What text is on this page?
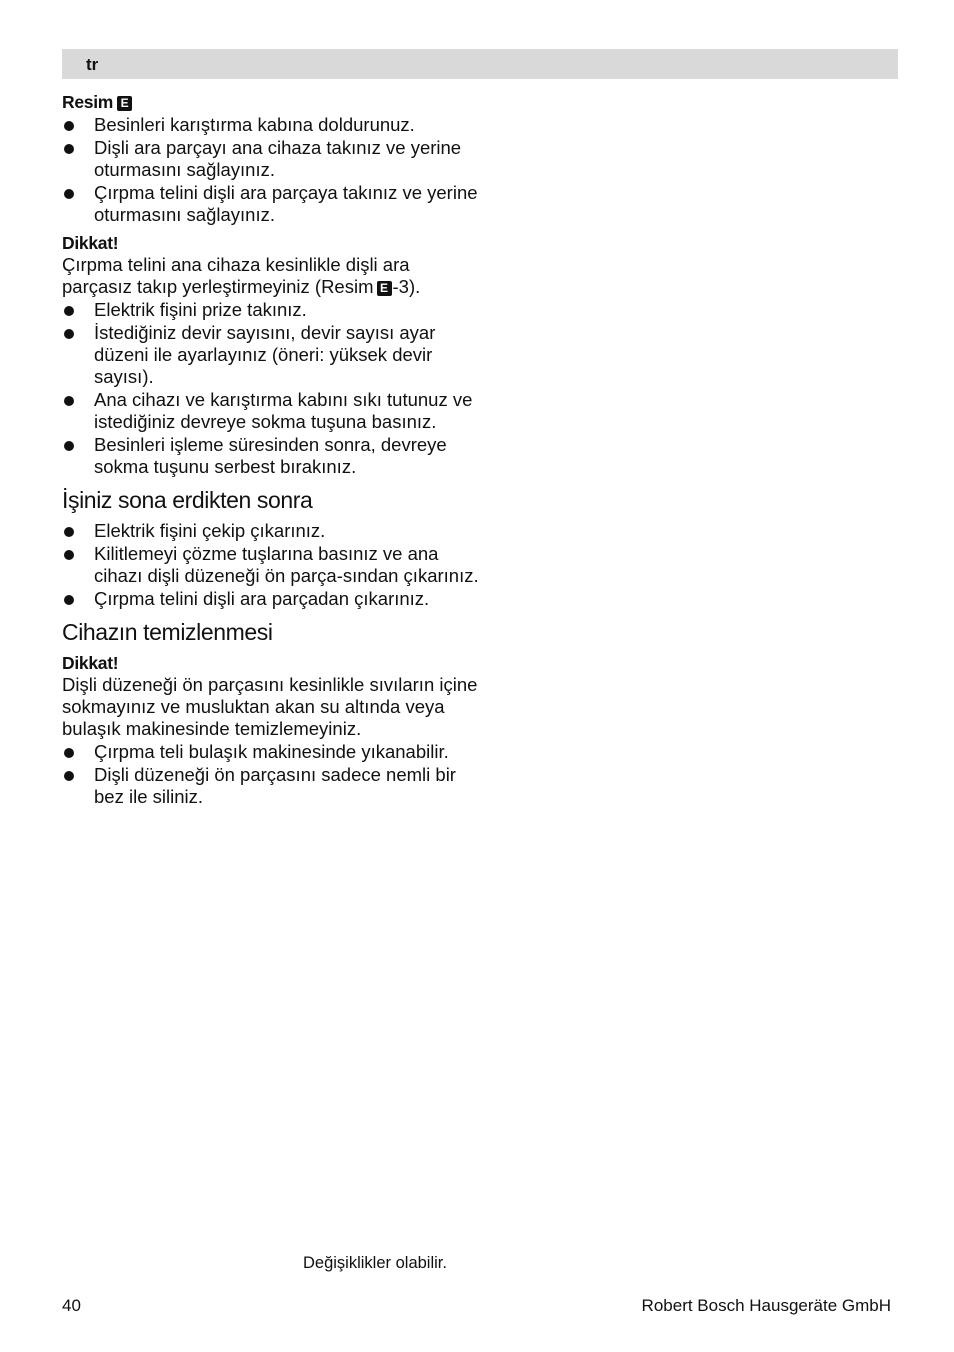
tr

Resim E

Besinleri karıştırma kabına doldurunuz.
Dişli ara parçayı ana cihaza takınız ve yerine oturmasını sağlayınız.
Çırpma telini dişli ara parçaya takınız ve yerine oturmasını sağlayınız.

Dikkat!

Çırpma telini ana cihaza kesinlikle dişli ara parçasız takıp yerleştirmeyiniz (Resim E -3).

Elektrik fişini prize takınız.
İstediğiniz devir sayısını, devir sayısı ayar düzeni ile ayarlayınız (öneri: yüksek devir sayısı).
Ana cihazı ve karıştırma kabını sıkı tutunuz ve istediğiniz devreye sokma tuşuna basınız.
Besinleri işleme süresinden sonra, devreye sokma tuşunu serbest bırakınız.
İşiniz sona erdikten sonra
Elektrik fişini çekip çıkarınız.
Kilitlemeyi çözme tuşlarına basınız ve ana cihazı dişli düzeneği ön parça-sından çıkarınız.
Çırpma telini dişli ara parçadan çıkarınız.
Cihazın temizlenmesi

Dikkat!

Dişli düzeneği ön parçasını kesinlikle sıvıların içine sokmayınız ve musluktan akan su altında veya bulaşık makinesinde temizlemeyiniz.

Çırpma teli bulaşık makinesinde yıkanabilir.
Dişli düzeneği ön parçasını sadece nemli bir bez ile siliniz.
Değişiklikler olabilir.
40	Robert Bosch Hausgeräte GmbH
